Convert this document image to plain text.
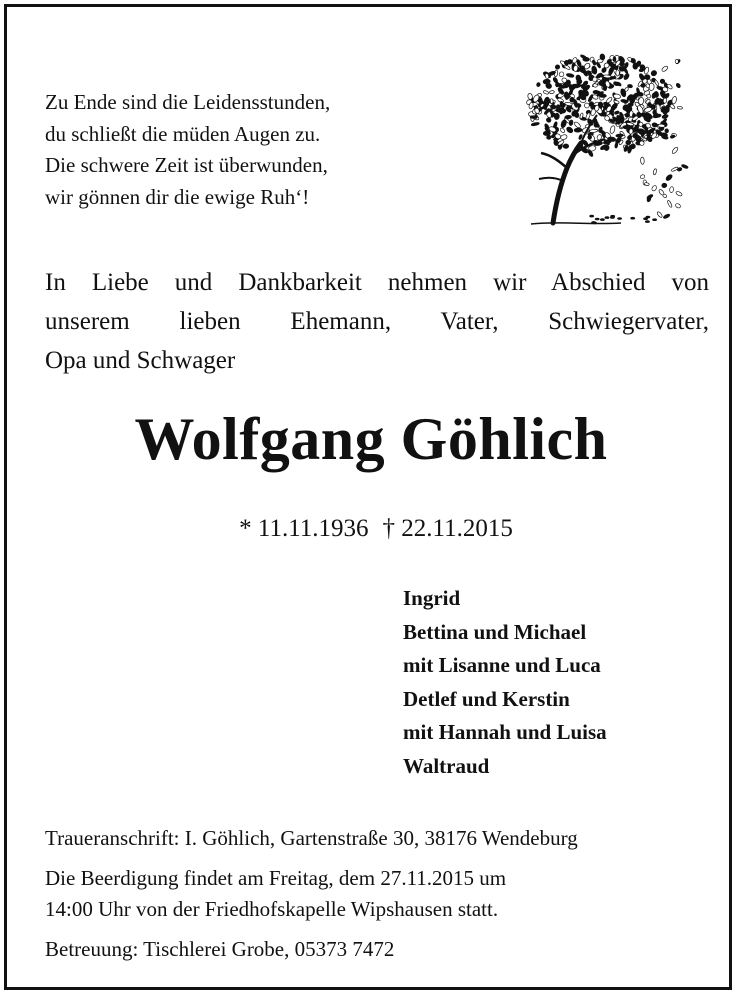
Zu Ende sind die Leidensstunden,
du schließt die müden Augen zu.
Die schwere Zeit ist überwunden,
wir gönnen dir die ewige Ruh‘!
In Liebe und Dankbarkeit nehmen wir Abschied von
unserem lieben Ehemann, Vater, Schwiegervater,
Opa und Schwager
Wolfgang Göhlich
* 11.11.1936 † 22.11.2015
Ingrid
Bettina und Michael
mit Lisanne und Luca
Detlef und Kerstin
mit Hannah und Luisa
Waltraud
Traueranschrift: I. Göhlich, Gartenstraße 30, 38176 Wendeburg
Die Beerdigung findet am Freitag, dem 27.11.2015 um
14:00 Uhr von der Friedhofskapelle Wipshausen statt.
Betreuung: Tischlerei Grobe, 05373 7472
